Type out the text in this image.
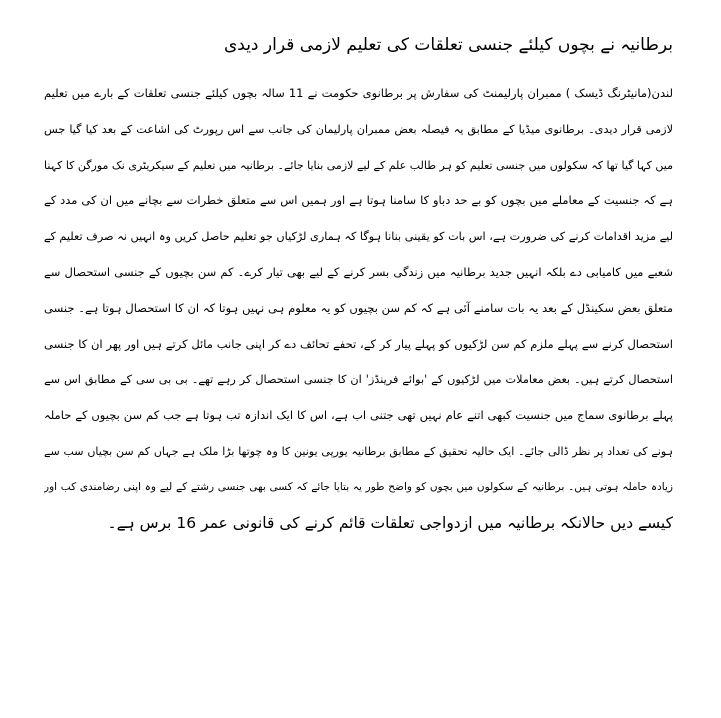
برطانیہ نے بچوں کیلئے جنسی تعلقات کی تعلیم لازمی قرار دیدی
لندن(مانیٹرنگ ڈیسک ) ممبران پارلیمنٹ کی سفارش پر برطانوی حکومت نے 11 سالہ بچوں کیلئے جنسی تعلقات کے بارے میں تعلیم
لازمی قرار دیدی۔ برطانوی میڈیا کے مطابق یہ فیصلہ بعض ممبران پارلیمان کی جانب سے اس رپورٹ کی اشاعت کے بعد کیا گیا جس
میں کہا گیا تھا کہ سکولوں میں جنسی تعلیم کو ہر طالب علم کے لیے لازمی بنایا جائے۔ برطانیہ میں تعلیم کے سیکریٹری نک مورگن کا کہنا
ہے کہ جنسیت کے معاملے میں بچوں کو بے حد دباو کا سامنا ہوتا ہے اور ہمیں اس سے متعلق خطرات سے بچانے میں ان کی مدد کے
لیے مزید اقدامات کرنے کی ضرورت ہے، اس بات کو یقینی بنانا ہوگا کہ ہماری لڑکیاں جو تعلیم حاصل کریں وہ انہیں نہ صرف تعلیم کے
شعبے میں کامیابی دے بلکہ انہیں جدید برطانیہ میں زندگی بسر کرنے کے لیے بھی تیار کرے۔ کم سن بچیوں کے جنسی استحصال سے
متعلق بعض سکینڈل کے بعد یہ بات سامنے آئی ہے کہ کم سن بچیوں کو یہ معلوم ہی نہیں ہوتا کہ ان کا استحصال ہوتا ہے۔ جنسی
استحصال کرنے سے پہلے ملزم کم سن لڑکیوں کو پہلے پیار کر کے، تحفے تحائف دے کر اپنی جانب مائل کرتے ہیں اور پھر ان کا جنسی
استحصال کرتے ہیں۔ بعض معاملات میں لڑکیوں کے 'بوائے فرینڈز' ان کا جنسی استحصال کر رہے تھے۔ بی بی سی کے مطابق اس سے
پہلے برطانوی سماج میں جنسیت کبھی اتنے عام نہیں تھی جتنی اب ہے، اس کا ایک اندازہ تب ہوتا ہے جب کم سن بچیوں کے حاملہ
ہونے کی تعداد پر نظر ڈالی جائے۔ ایک حالیہ تحقیق کے مطابق برطانیہ یورپی یونین کا وہ چوتھا بڑا ملک ہے جہاں کم سن بچیاں سب سے
زیادہ حاملہ ہوتی ہیں۔ برطانیہ کے سکولوں میں بچوں کو واضح طور یہ بتایا جائے کہ کسی بھی جنسی رشتے کے لیے وہ اپنی رضامندی کب اور
کیسے دیں حالانکہ برطانیہ میں ازدواجی تعلقات قائم کرنے کی قانونی عمر 16 برس ہے۔
